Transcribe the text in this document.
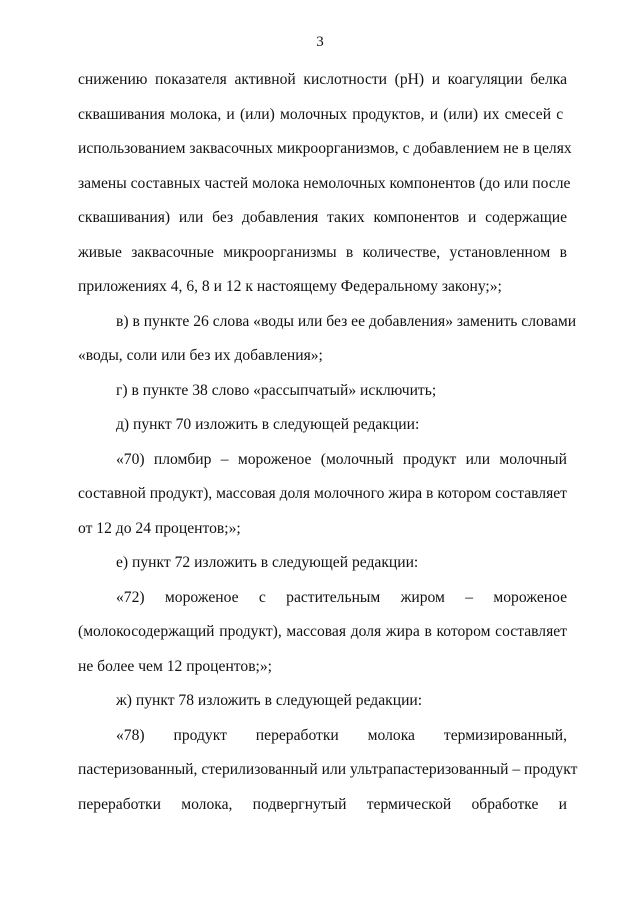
3
снижению показателя активной кислотности (pH) и коагуляции белка
сквашивания молока, и (или) молочных продуктов, и (или) их смесей с
использованием заквасочных микроорганизмов, с добавлением не в целях
замены составных частей молока немолочных компонентов (до или после
сквашивания) или без добавления таких компонентов и содержащие
живые заквасочные микроорганизмы в количестве, установленном в
приложениях 4, 6, 8 и 12 к настоящему Федеральному закону;»;
в) в пункте 26 слова «воды или без ее добавления» заменить словами
«воды, соли или без их добавления»;
г) в пункте 38 слово «рассыпчатый» исключить;
д) пункт 70 изложить в следующей редакции:
«70) пломбир – мороженое (молочный продукт или молочный
составной продукт), массовая доля молочного жира в котором составляет
от 12 до 24 процентов;»;
е) пункт 72 изложить в следующей редакции:
«72) мороженое с растительным жиром – мороженое
(молокосодержащий продукт), массовая доля жира в котором составляет
не более чем 12 процентов;»;
ж) пункт 78 изложить в следующей редакции:
«78) продукт переработки молока термизированный,
пастеризованный, стерилизованный или ультрапастеризованный – продукт
переработки молока, подвергнутый термической обработке и
